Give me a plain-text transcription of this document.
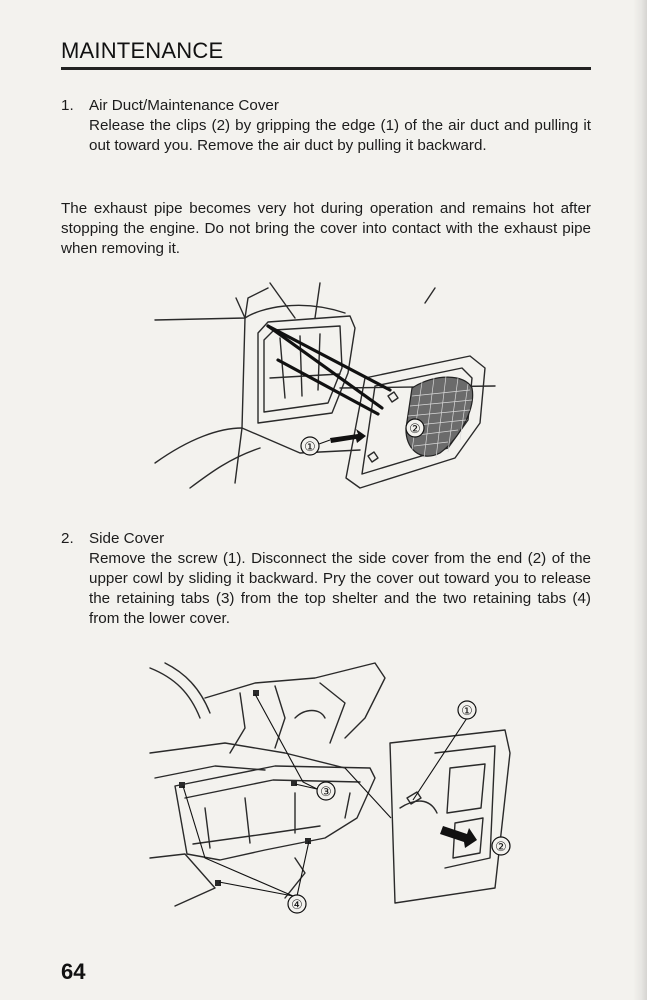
MAINTENANCE
1. Air Duct/Maintenance Cover
Release the clips (2) by gripping the edge (1) of the air duct and pulling it out toward you. Remove the air duct by pulling it backward.
The exhaust pipe becomes very hot during operation and remains hot after stopping the engine. Do not bring the cover into contact with the exhaust pipe when removing it.
①
②
2. Side Cover
Remove the screw (1). Disconnect the side cover from the end (2) of the upper cowl by sliding it backward. Pry the cover out toward you to release the retaining tabs (3) from the top shelter and the two retaining tabs (4) from the lower cover.
①
②
③
④
64
